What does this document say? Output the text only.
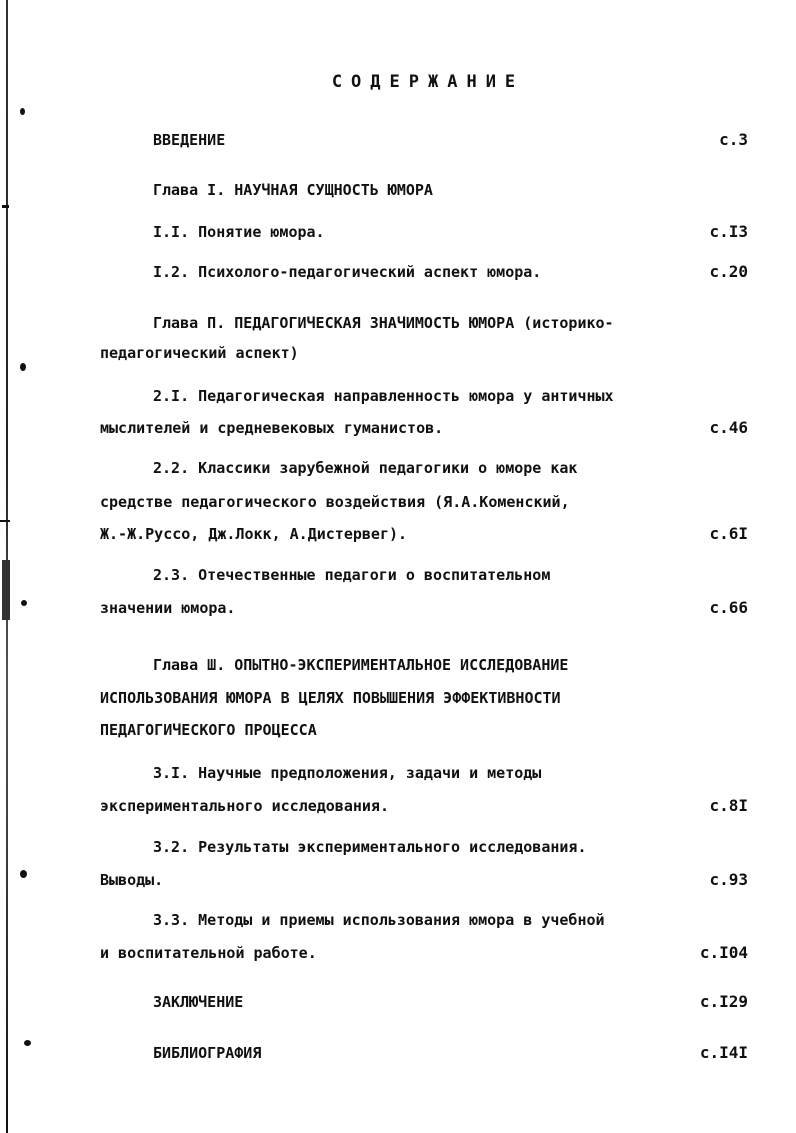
СОДЕРЖАНИЕ
ВВЕДЕНИЕ	с.3
Глава I. НАУЧНАЯ СУЩНОСТЬ ЮМОРА
I.I. Понятие юмора.	с.I3
I.2. Психолого-педагогический аспект юмора.	с.20
Глава П. ПЕДАГОГИЧЕСКАЯ ЗНАЧИМОСТЬ ЮМОРА (историко-
педагогический аспект)
2.I. Педагогическая направленность юмора у античных
мыслителей и средневековых гуманистов.	с.46
2.2. Классики зарубежной педагогики о юморе как
средстве педагогического воздействия (Я.А.Коменский,
Ж.-Ж.Руссо, Дж.Локк, А.Дистервег).	с.6I
2.3. Отечественные педагоги о воспитательном
значении юмора.	с.66
Глава Ш. ОПЫТНО-ЭКСПЕРИМЕНТАЛЬНОЕ ИССЛЕДОВАНИЕ
ИСПОЛЬЗОВАНИЯ ЮМОРА В ЦЕЛЯХ ПОВЫШЕНИЯ ЭФФЕКТИВНОСТИ
ПЕДАГОГИЧЕСКОГО ПРОЦЕССА
3.I. Научные предположения, задачи и методы
экспериментального исследования.	с.8I
3.2. Результаты экспериментального исследования.
Выводы.	с.93
3.3. Методы и приемы использования юмора в учебной
и воспитательной работе.	с.I04
ЗАКЛЮЧЕНИЕ	с.I29
БИБЛИОГРАФИЯ	с.I4I
